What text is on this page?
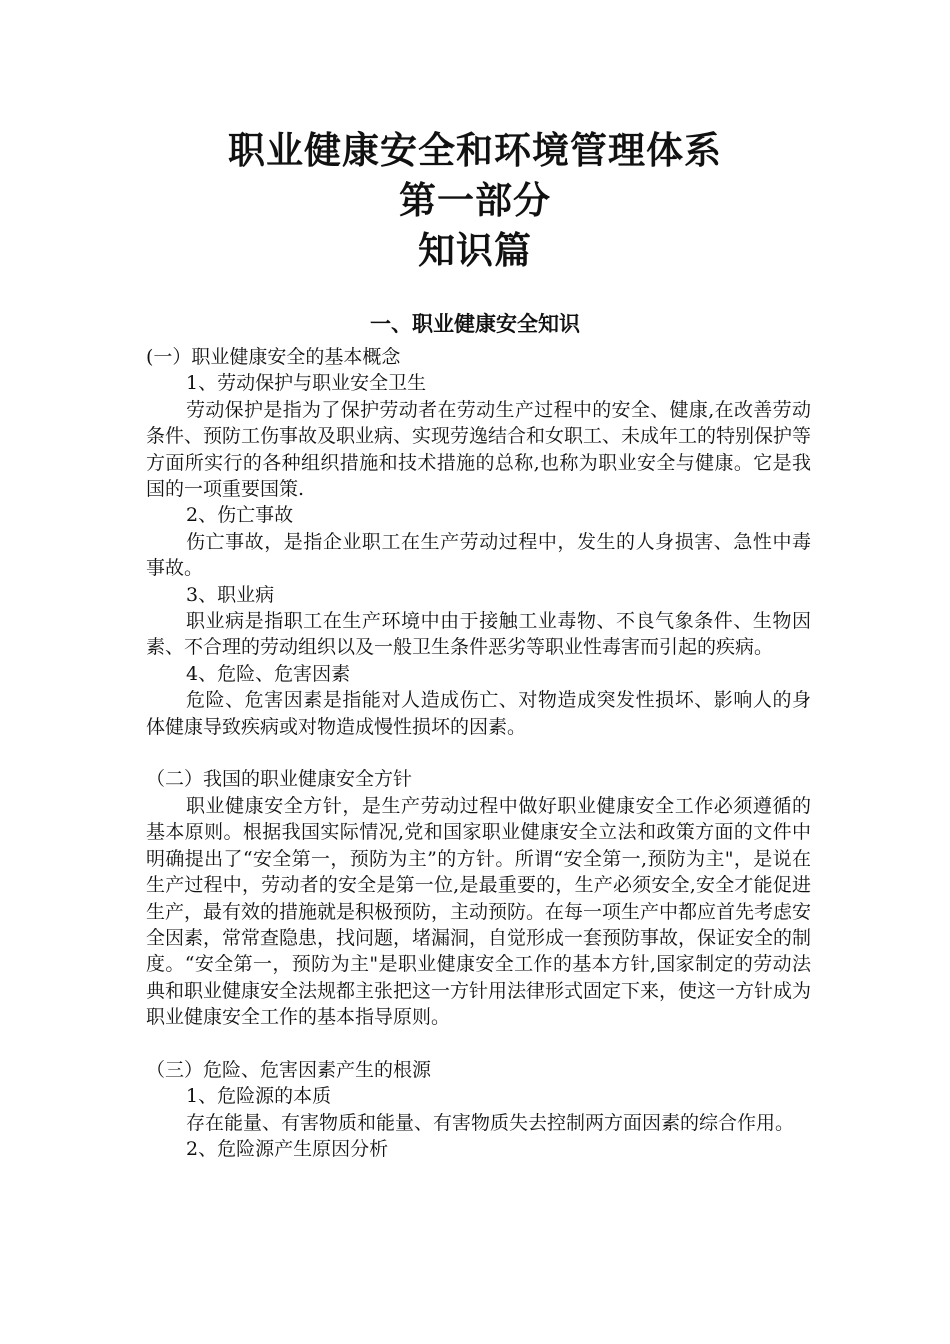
职业健康安全和环境管理体系
第一部分
知识篇
一、职业健康安全知识

(一）职业健康安全的基本概念

1、劳动保护与职业安全卫生

劳动保护是指为了保护劳动者在劳动生产过程中的安全、健康,在改善劳动条件、预防工伤事故及职业病、实现劳逸结合和女职工、未成年工的特别保护等方面所实行的各种组织措施和技术措施的总称,也称为职业安全与健康。它是我国的一项重要国策.

2、伤亡事故

伤亡事故，是指企业职工在生产劳动过程中，发生的人身损害、急性中毒事故。

3、职业病

职业病是指职工在生产环境中由于接触工业毒物、不良气象条件、生物因素、不合理的劳动组织以及一般卫生条件恶劣等职业性毒害而引起的疾病。

4、危险、危害因素

危险、危害因素是指能对人造成伤亡、对物造成突发性损坏、影响人的身体健康导致疾病或对物造成慢性损坏的因素。

（二）我国的职业健康安全方针

职业健康安全方针，是生产劳动过程中做好职业健康安全工作必须遵循的基本原则。根据我国实际情况,党和国家职业健康安全立法和政策方面的文件中明确提出了“安全第一，预防为主”的方针。所谓“安全第一,预防为主"，是说在生产过程中，劳动者的安全是第一位,是最重要的，生产必须安全,安全才能促进生产，最有效的措施就是积极预防，主动预防。在每一项生产中都应首先考虑安全因素，常常查隐患，找问题，堵漏洞，自觉形成一套预防事故，保证安全的制度。“安全第一，预防为主"是职业健康安全工作的基本方针,国家制定的劳动法典和职业健康安全法规都主张把这一方针用法律形式固定下来，使这一方针成为职业健康安全工作的基本指导原则。

（三）危险、危害因素产生的根源

1、危险源的本质

存在能量、有害物质和能量、有害物质失去控制两方面因素的综合作用。

2、危险源产生原因分析
